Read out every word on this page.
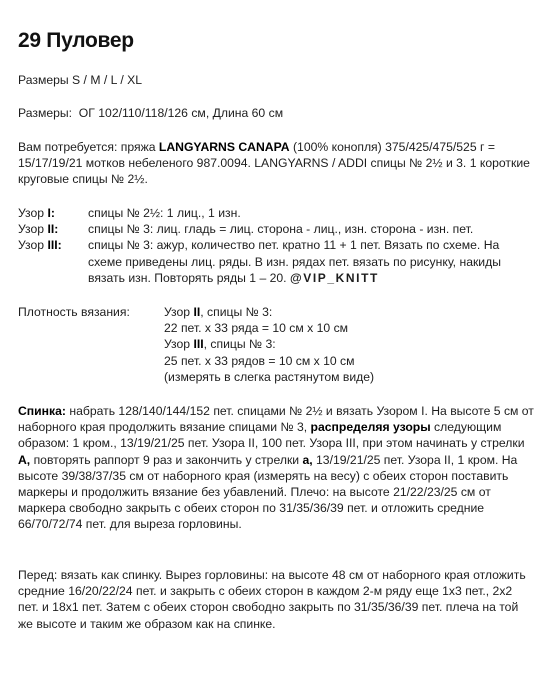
29 Пуловер

Размеры S / M / L / XL

Размеры:  ОГ 102/110/118/126 см, Длина 60 см

Вам потребуется: пряжа LANGYARNS CANAPA (100% конопля) 375/425/475/525 г = 15/17/19/21 мотков небеленого 987.0094. LANGYARNS / ADDI спицы № 2½ и 3. 1 короткие круговые спицы № 2½.

Узор I:	спицы № 2½: 1 лиц., 1 изн.
Узор II:	спицы № 3: лиц. гладь = лиц. сторона - лиц., изн. сторона - изн. пет.
Узор III:	спицы № 3: ажур, количество пет. кратно 11 + 1 пет. Вязать по схеме. На схеме приведены лиц. ряды. В изн. рядах пет. вязать по рисунку, накиды вязать изн. Повторять ряды 1 – 20. @VIP_KNITT
Плотность вязания:	Узор II, спицы № 3:
22 пет. х 33 ряда = 10 см х 10 см
Узор III, спицы № 3:
25 пет. х 33 рядов = 10 см х 10 см
(измерять в слегка растянутом виде)

Спинка: набрать 128/140/144/152 пет. спицами № 2½ и вязать Узором I. На высоте 5 см от наборного края продолжить вязание спицами № 3, распределяя узоры следующим образом: 1 кром., 13/19/21/25 пет. Узора II, 100 пет. Узора III, при этом начинать у стрелки A, повторять раппорт 9 раз и закончить у стрелки a, 13/19/21/25 пет. Узора II, 1 кром. На высоте 39/38/37/35 см от наборного края (измерять на весу) с обеих сторон поставить маркеры и продолжить вязание без убавлений. Плечо: на высоте 21/22/23/25 см от маркера свободно закрыть с обеих сторон по 31/35/36/39 пет. и отложить средние 66/70/72/74 пет. для выреза горловины.

Перед: вязать как спинку. Вырез горловины: на высоте 48 см от наборного края отложить средние 16/20/22/24 пет. и закрыть с обеих сторон в каждом 2-м ряду еще 1х3 пет., 2х2 пет. и 18х1 пет. Затем с обеих сторон свободно закрыть по 31/35/36/39 пет. плеча на той же высоте и таким же образом как на спинке.
